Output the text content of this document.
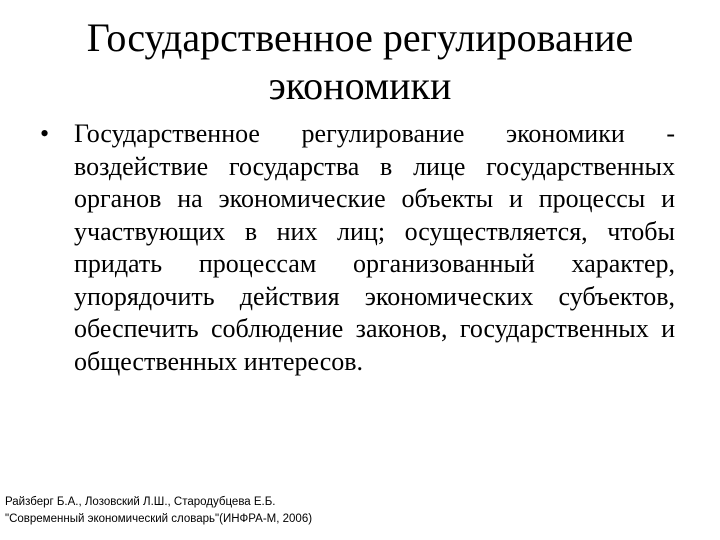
Государственное регулирование
экономики
• Государственное регулирование экономики - воздействие государства в лице государственных органов на экономические объекты и процессы и участвующих в них лиц; осуществляется, чтобы придать процессам организованный характер, упорядочить действия экономических субъектов, обеспечить соблюдение законов, государственных и общественных интересов.

Райзберг Б.А., Лозовский Л.Ш., Стародубцева Е.Б.
"Современный экономический словарь"(ИНФРА-М, 2006)
